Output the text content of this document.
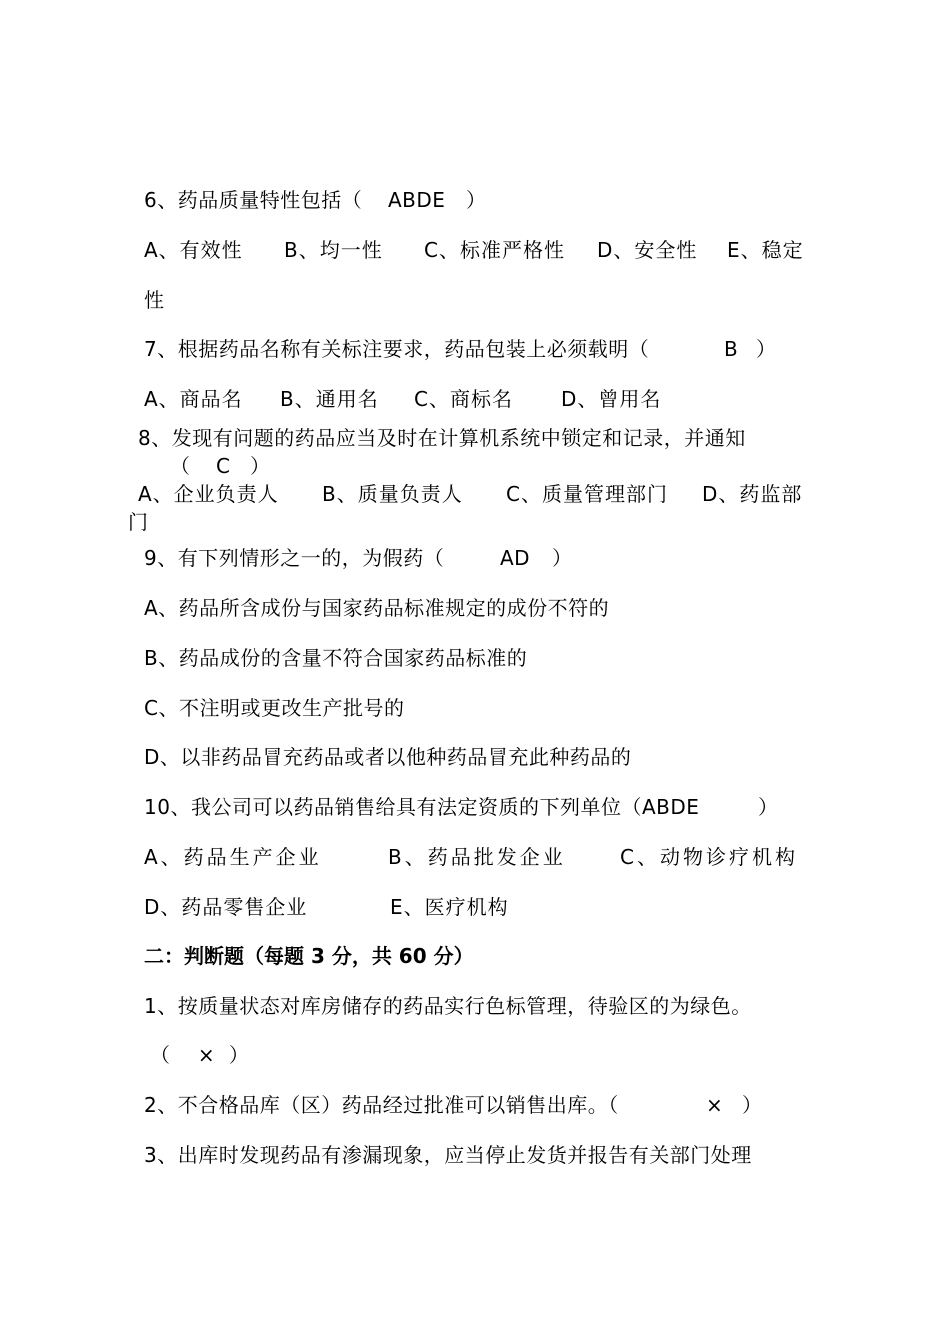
6、药品质量特性包括（ ABDE ）
A、有效性 B、均一性 C、标准严格性 D、安全性 E、稳定
性
7、根据药品名称有关标注要求，药品包装上必须载明（	B ）
A、商品名 B、通用名 C、商标名 D、曾用名
8、发现有问题的药品应当及时在计算机系统中锁定和记录，并通知
（ C ）
A、企业负责人 B、质量负责人 C、质量管理部门 D、药监部
门
9、有下列情形之一的，为假药（	AD ）
A、药品所含成份与国家药品标准规定的成份不符的
B、药品成份的含量不符合国家药品标准的
C、不注明或更改生产批号的
D、以非药品冒充药品或者以他种药品冒充此种药品的
10、我公司可以药品销售给具有法定资质的下列单位（ABDE	）
A、药品生产企业	B、药品批发企业	C、动物诊疗机构
D、药品零售企业	E、医疗机构
二：判断题（每题 3 分，共 60 分）
1、按质量状态对库房储存的药品实行色标管理，待验区的为绿色。
（    ×  ）
2、不合格品库（区）药品经过批准可以销售出库。（	× ）
3、出库时发现药品有渗漏现象，应当停止发货并报告有关部门处理
